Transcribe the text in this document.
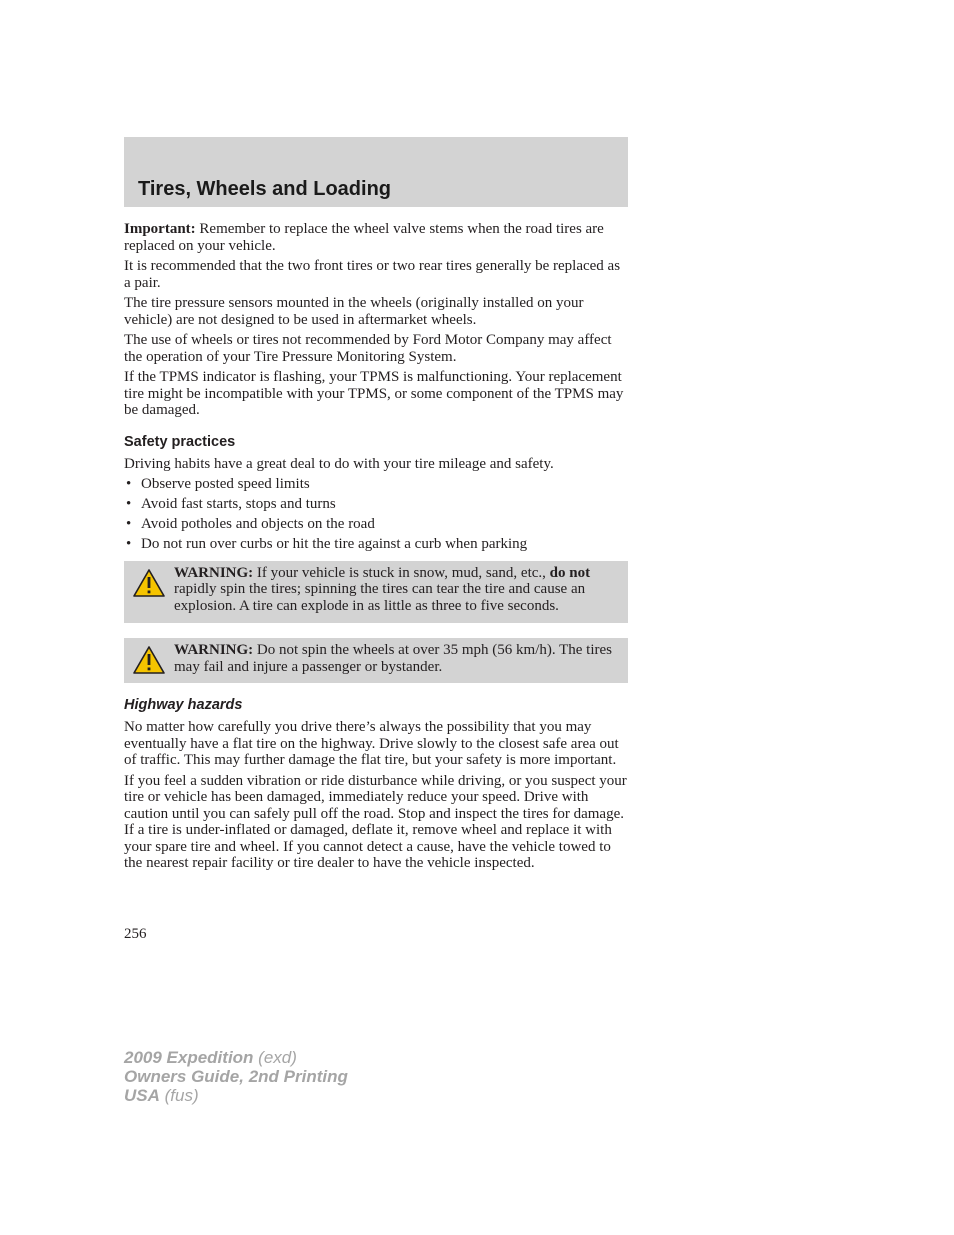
Tires, Wheels and Loading

Important: Remember to replace the wheel valve stems when the road tires are replaced on your vehicle.

It is recommended that the two front tires or two rear tires generally be replaced as a pair.

The tire pressure sensors mounted in the wheels (originally installed on your vehicle) are not designed to be used in aftermarket wheels.

The use of wheels or tires not recommended by Ford Motor Company may affect the operation of your Tire Pressure Monitoring System.

If the TPMS indicator is flashing, your TPMS is malfunctioning. Your replacement tire might be incompatible with your TPMS, or some component of the TPMS may be damaged.

Safety practices

Driving habits have a great deal to do with your tire mileage and safety.

• Observe posted speed limits
• Avoid fast starts, stops and turns
• Avoid potholes and objects on the road
• Do not run over curbs or hit the tire against a curb when parking
WARNING: If your vehicle is stuck in snow, mud, sand, etc., do not rapidly spin the tires; spinning the tires can tear the tire and cause an explosion. A tire can explode in as little as three to five seconds.
WARNING: Do not spin the wheels at over 35 mph (56 km/h). The tires may fail and injure a passenger or bystander.
Highway hazards

No matter how carefully you drive there’s always the possibility that you may eventually have a flat tire on the highway. Drive slowly to the closest safe area out of traffic. This may further damage the flat tire, but your safety is more important.

If you feel a sudden vibration or ride disturbance while driving, or you suspect your tire or vehicle has been damaged, immediately reduce your speed. Drive with caution until you can safely pull off the road. Stop and inspect the tires for damage. If a tire is under-inflated or damaged, deflate it, remove wheel and replace it with your spare tire and wheel. If you cannot detect a cause, have the vehicle towed to the nearest repair facility or tire dealer to have the vehicle inspected.

256
2009 Expedition (exd)
Owners Guide, 2nd Printing
USA (fus)
